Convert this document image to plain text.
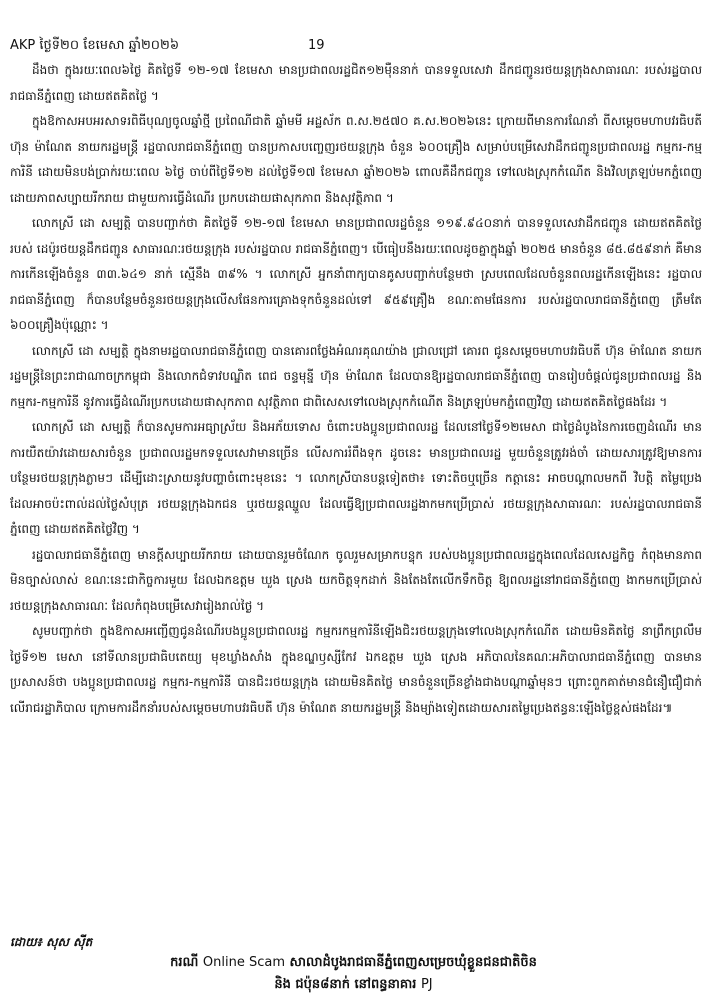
AKP ថ្ងៃទី២០ ខែមេសា ឆ្នាំ២០២៦	19

ដឹងថា ក្នុងរយៈពេល៦ថ្ងៃ គិតថ្ងៃទី ១២-១៧ ខែមេសា មានប្រជាពលរដ្ឋជិត១២ម៉ឺននាក់ បានទទួលសេវា ដឹកជញ្ជូនរថយន្តក្រុងសាធារណៈ របស់រដ្ឋបាលរាជធានីភ្នំពេញ ដោយឥតគិតថ្លៃ ។

ក្នុងឱកាសអបអរសាទរពិធីបុណ្យចូលឆ្នាំថ្មី ប្រពៃណីជាតិ ឆ្នាំមមី អដ្ឋស័ក ព.ស.២៥៧០ គ.ស.២០២៦នេះ ក្រោយពីមានការណែនាំ ពីសម្ដេចមហាបវរធិបតី ហ៊ុន ម៉ាណែត នាយករដ្ឋមន្ត្រី រដ្ឋបាលរាជធានីភ្នំពេញ បានប្រកាសបញ្ចេញរថយន្តក្រុង ចំនួន ៦០០គ្រឿង សម្រាប់បម្រើសេវាដឹកជញ្ជូនប្រជាពលរដ្ឋ កម្មករ-កម្មការិនី ដោយមិនបង់ប្រាក់រយៈពេល ៦ថ្ងៃ ចាប់ពីថ្ងៃទី១២ ដល់ថ្ងៃទី១៧ ខែមេសា ឆ្នាំ២០២៦ ពោលគឺដឹកជញ្ជូន ទៅលេងស្រុកកំណើត និងវិលត្រឡប់មកភ្នំពេញ ដោយភាពសប្បាយរីករាយ ជាមួយការធ្វើដំណើរ ប្រកបដោយផាសុកភាព និងសុវត្ថិភាព ។

លោកស្រី ដោ សម្បត្តិ បានបញ្ជាក់ថា គិតថ្ងៃទី ១២-១៧ ខែមេសា មានប្រជាពលរដ្ឋចំនួន ១១៩.៩៤០នាក់ បានទទួលសេវាដឹកជញ្ជូន ដោយឥតគិតថ្លៃ របស់ ដេប៉ូរថយន្តដឹកជញ្ជូន សាធារណៈរថយន្តក្រុង របស់រដ្ឋបាល រាជធានីភ្នំពេញ។ បើធៀបនឹងរយៈពេលដូចគ្នាក្នុងឆ្នាំ ២០២៥ មានចំនួន ៨៥.៨៥៩នាក់ គឺមានការកើនឡើងចំនួន ៣៣.៦៤១ នាក់ ស្មើនឹង ៣៩% ។ លោកស្រី អ្នកនាំពាក្យបានគូសបញ្ជាក់បន្ថែមថា ស្របពេលដែលចំនួនពលរដ្ឋកើនឡើងនេះ រដ្ឋបាលរាជធានីភ្នំពេញ ក៏បានបន្ថែមចំនួនរថយន្តក្រុងលើសផែនការគ្រោងទុកចំនួនដល់ទៅ ៩៥៩គ្រឿង ខណៈតាមផែនការ របស់រដ្ឋបាលរាជធានីភ្នំពេញ ត្រឹមតែ ៦០០គ្រឿងប៉ុណ្ណោះ ។

លោកស្រី ដោ សម្បត្តិ ក្នុងនាមរដ្ឋបាលរាជធានីភ្នំពេញ បានគោរពថ្លែងអំណរគុណយ៉ាង ជ្រាលជ្រៅ គោរព ជូនសម្ដេចមហាបវរធិបតី ហ៊ុន ម៉ាណែត នាយករដ្ឋមន្ត្រីនៃព្រះរាជាណាចក្រកម្ពុជា និងលោកជំទាវបណ្ឌិត ពេជ ចន្ទមុន្នី ហ៊ុន ម៉ាណែត ដែលបានឱ្យរដ្ឋបាលរាជធានីភ្នំពេញ បានរៀបចំផ្ដល់ជូនប្រជាពលរដ្ឋ និងកម្មករ-កម្មការិនី នូវការធ្វើដំណើរប្រកបដោយផាសុកភាព សុវត្ថិភាព ជាពិសេសទៅលេងស្រុកកំណើត និងត្រឡប់មកភ្នំពេញវិញ ដោយឥតគិតថ្លៃផងដែរ ។

លោកស្រី ដោ សម្បត្តិ ក៏បានសូមការអធ្យាស្រ័យ និងអភ័យទោស ចំពោះបងប្អូនប្រជាពលរដ្ឋ ដែលនៅថ្ងៃទី១២មេសា ជាថ្ងៃដំបូងនៃការចេញដំណើរ មានការយឺតយ៉ាវដោយសារចំនួន ប្រជាពលរដ្ឋមកទទួលសេវាមានច្រើន លើសការរំពឹងទុក ដូចនេះ មានប្រជាពលរដ្ឋ មួយចំនួនត្រូវរង់ចាំ ដោយសារត្រូវឱ្យមានការបន្ថែមរថយន្តក្រុងភ្លាមៗ ដើម្បីដោះស្រាយនូវបញ្ហាចំពោះមុខនេះ ។ លោកស្រីបានបន្តទៀតថា៖ ទោះតិចឬច្រើន កត្តានេះ អាចបណ្ដាលមកពី វិបត្តិ តម្លៃប្រេង ដែលអាចប៉ះពាល់ដល់ថ្លៃសំបុត្រ រថយន្តក្រុងឯកជន ឬរថយន្តឈ្នួល ដែលធ្វើឱ្យប្រជាពលរដ្ឋងាកមកប្រើប្រាស់ រថយន្តក្រុងសាធារណៈ របស់រដ្ឋបាលរាជធានីភ្នំពេញ ដោយឥតគិតថ្លៃវិញ ។

រដ្ឋបាលរាជធានីភ្នំពេញ មានក្ដីសប្បាយរីករាយ ដោយបានរួមចំណែក ចូលរួមសម្រាកបន្ទុក របស់បងប្អូនប្រជាពលរដ្ឋក្នុងពេលដែលសេដ្ឋកិច្ច កំពុងមានភាពមិនច្បាស់លាស់ ខណៈនេះជាកិច្ចការមួយ ដែលឯកឧត្តម ឃួង ស្រេង យកចិត្តទុកដាក់ និងតែងតែលើកទឹកចិត្ត ឱ្យពលរដ្ឋនៅរាជធានីភ្នំពេញ ងាកមកប្រើប្រាស់រថយន្តក្រុងសាធារណៈ ដែលកំពុងបម្រើសេវារៀងរាល់ថ្ងៃ ។

សូមបញ្ជាក់ថា ក្នុងឱកាសអញ្ជើញជូនដំណើរបងប្អូនប្រជាពលរដ្ឋ កម្មករកម្មការិនីឡើងជិះរថយន្តក្រុងទៅលេងស្រុកកំណើត ដោយមិនគិតថ្លៃ នាព្រឹកព្រលឹមថ្ងៃទី១២ មេសា នៅទីលានប្រជាធិបតេយ្យ មុខឃ្លាំងសាំង ក្នុងខណ្ឌឫស្សីកែវ ឯកឧត្តម ឃួង ស្រេង អភិបាលនៃគណៈអភិបាលរាជធានីភ្នំពេញ បានមានប្រសាសន៍ថា បងប្អូនប្រជាពលរដ្ឋ កម្មករ-កម្មការិនី បានជិះរថយន្តក្រុង ដោយមិនគិតថ្លៃ មានចំនួនច្រើនខ្លាំងជាងបណ្ដាឆ្នាំមុនៗ ព្រោះពួកគាត់មានជំនឿជឿជាក់ លើរាជរដ្ឋាភិបាល ក្រោមការដឹកនាំរបស់សម្ដេចមហាបវរធិបតី ហ៊ុន ម៉ាណែត នាយករដ្ឋមន្ត្រី និងម្យ៉ាងទៀតដោយសារតម្លៃប្រេងឥន្ធនៈឡើងថ្លៃខ្ពស់ផងដែរ៕

ដោយ៖ សុស ស៊ីត
ករណី Online Scam សាលាដំបូងរាជធានីភ្នំពេញសម្រេចឃុំខ្លួនជនជាតិចិន
និង ជប៉ុន៨នាក់ នៅពន្ធនាគារ PJ
